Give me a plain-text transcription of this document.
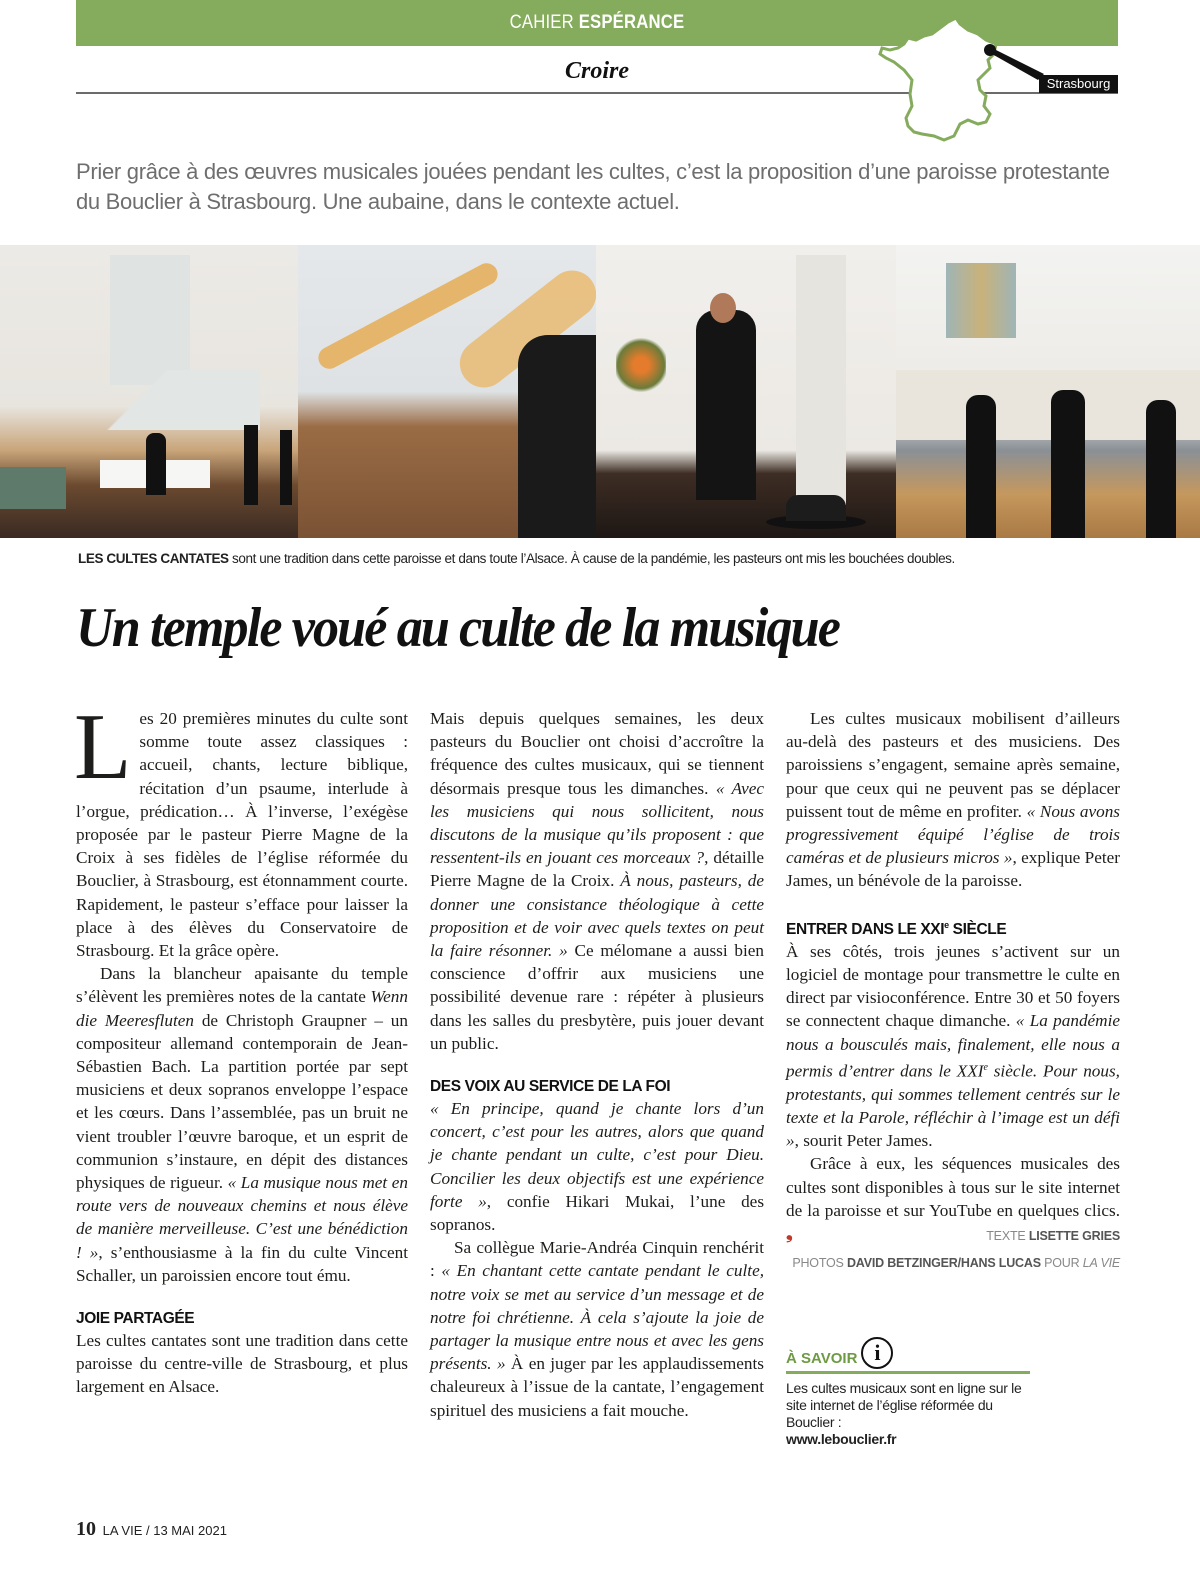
CAHIER ESPÉRANCE
Croire	Strasbourg
Prier grâce à des œuvres musicales jouées pendant les cultes, c’est la proposition d’une paroisse protestante du Bouclier à Strasbourg. Une aubaine, dans le contexte actuel.
LES CULTES CANTATES sont une tradition dans cette paroisse et dans toute l’Alsace. À cause de la pandémie, les pasteurs ont mis les bouchées doubles.
Un temple voué au culte de la musique

Les 20 premières minutes du culte sont somme toute assez classiques : accueil, chants, lecture biblique, récitation d’un psaume, interlude à l’orgue, prédication… À l’inverse, l’exégèse proposée par le pasteur Pierre Magne de la Croix à ses fidèles de l’église réformée du Bouclier, à Strasbourg, est étonnamment courte. Rapidement, le pasteur s’efface pour laisser la place à des élèves du Conservatoire de Strasbourg. Et la grâce opère.

Dans la blancheur apaisante du temple s’élèvent les premières notes de la cantate Wenn die Meeresfluten de Christoph Graupner – un compositeur allemand contemporain de Jean-Sébastien Bach. La partition portée par sept musiciens et deux sopranos enveloppe l’espace et les cœurs. Dans l’assemblée, pas un bruit ne vient troubler l’œuvre baroque, et un esprit de communion s’instaure, en dépit des distances physiques de rigueur. « La musique nous met en route vers de nouveaux chemins et nous élève de manière merveilleuse. C’est une bénédiction ! », s’enthousiasme à la fin du culte Vincent Schaller, un paroissien encore tout ému.

JOIE PARTAGÉE

Les cultes cantates sont une tradition dans cette paroisse du centre-ville de Strasbourg, et plus largement en Alsace.

Mais depuis quelques semaines, les deux pasteurs du Bouclier ont choisi d’accroître la fréquence des cultes musicaux, qui se tiennent désormais presque tous les dimanches. « Avec les musiciens qui nous sollicitent, nous discutons de la musique qu’ils proposent : que ressentent-ils en jouant ces morceaux ?, détaille Pierre Magne de la Croix. À nous, pasteurs, de donner une consistance théologique à cette proposition et de voir avec quels textes on peut la faire résonner. » Ce mélomane a aussi bien conscience d’offrir aux musiciens une possibilité devenue rare : répéter à plusieurs dans les salles du presbytère, puis jouer devant un public.

DES VOIX AU SERVICE DE LA FOI

« En principe, quand je chante lors d’un concert, c’est pour les autres, alors que quand je chante pendant un culte, c’est pour Dieu. Concilier les deux objectifs est une expérience forte », confie Hikari Mukai, l’une des sopranos.

Sa collègue Marie-Andréa Cinquin renchérit : « En chantant cette cantate pendant le culte, notre voix se met au service d’un message et de notre foi chrétienne. À cela s’ajoute la joie de partager la musique entre nous et avec les gens présents. » À en juger par les applaudissements chaleureux à l’issue de la cantate, l’engagement spirituel des musiciens a fait mouche.

Les cultes musicaux mobilisent d’ailleurs au-delà des pasteurs et des musiciens. Des paroissiens s’engagent, semaine après semaine, pour que ceux qui ne peuvent pas se déplacer puissent tout de même en profiter. « Nous avons progressivement équipé l’église de trois caméras et de plusieurs micros », explique Peter James, un bénévole de la paroisse.

ENTRER DANS LE XXIe SIÈCLE

À ses côtés, trois jeunes s’activent sur un logiciel de montage pour transmettre le culte en direct par visioconférence. Entre 30 et 50 foyers se connectent chaque dimanche. « La pandémie nous a bousculés mais, finalement, elle nous a permis d’entrer dans le XXIe siècle. Pour nous, protestants, qui sommes tellement centrés sur le texte et la Parole, réfléchir à l’image est un défi », sourit Peter James.

Grâce à eux, les séquences musicales des cultes sont disponibles à tous sur le site internet de la paroisse et sur YouTube en quelques clics. ❟	TEXTE LISETTE GRIES
PHOTOS DAVID BETZINGER/HANS LUCAS POUR LA VIE
À SAVOIR i
Les cultes musicaux sont en ligne sur le site internet de l’église réformée du Bouclier :
www.lebouclier.fr
10 LA VIE / 13 MAI 2021
